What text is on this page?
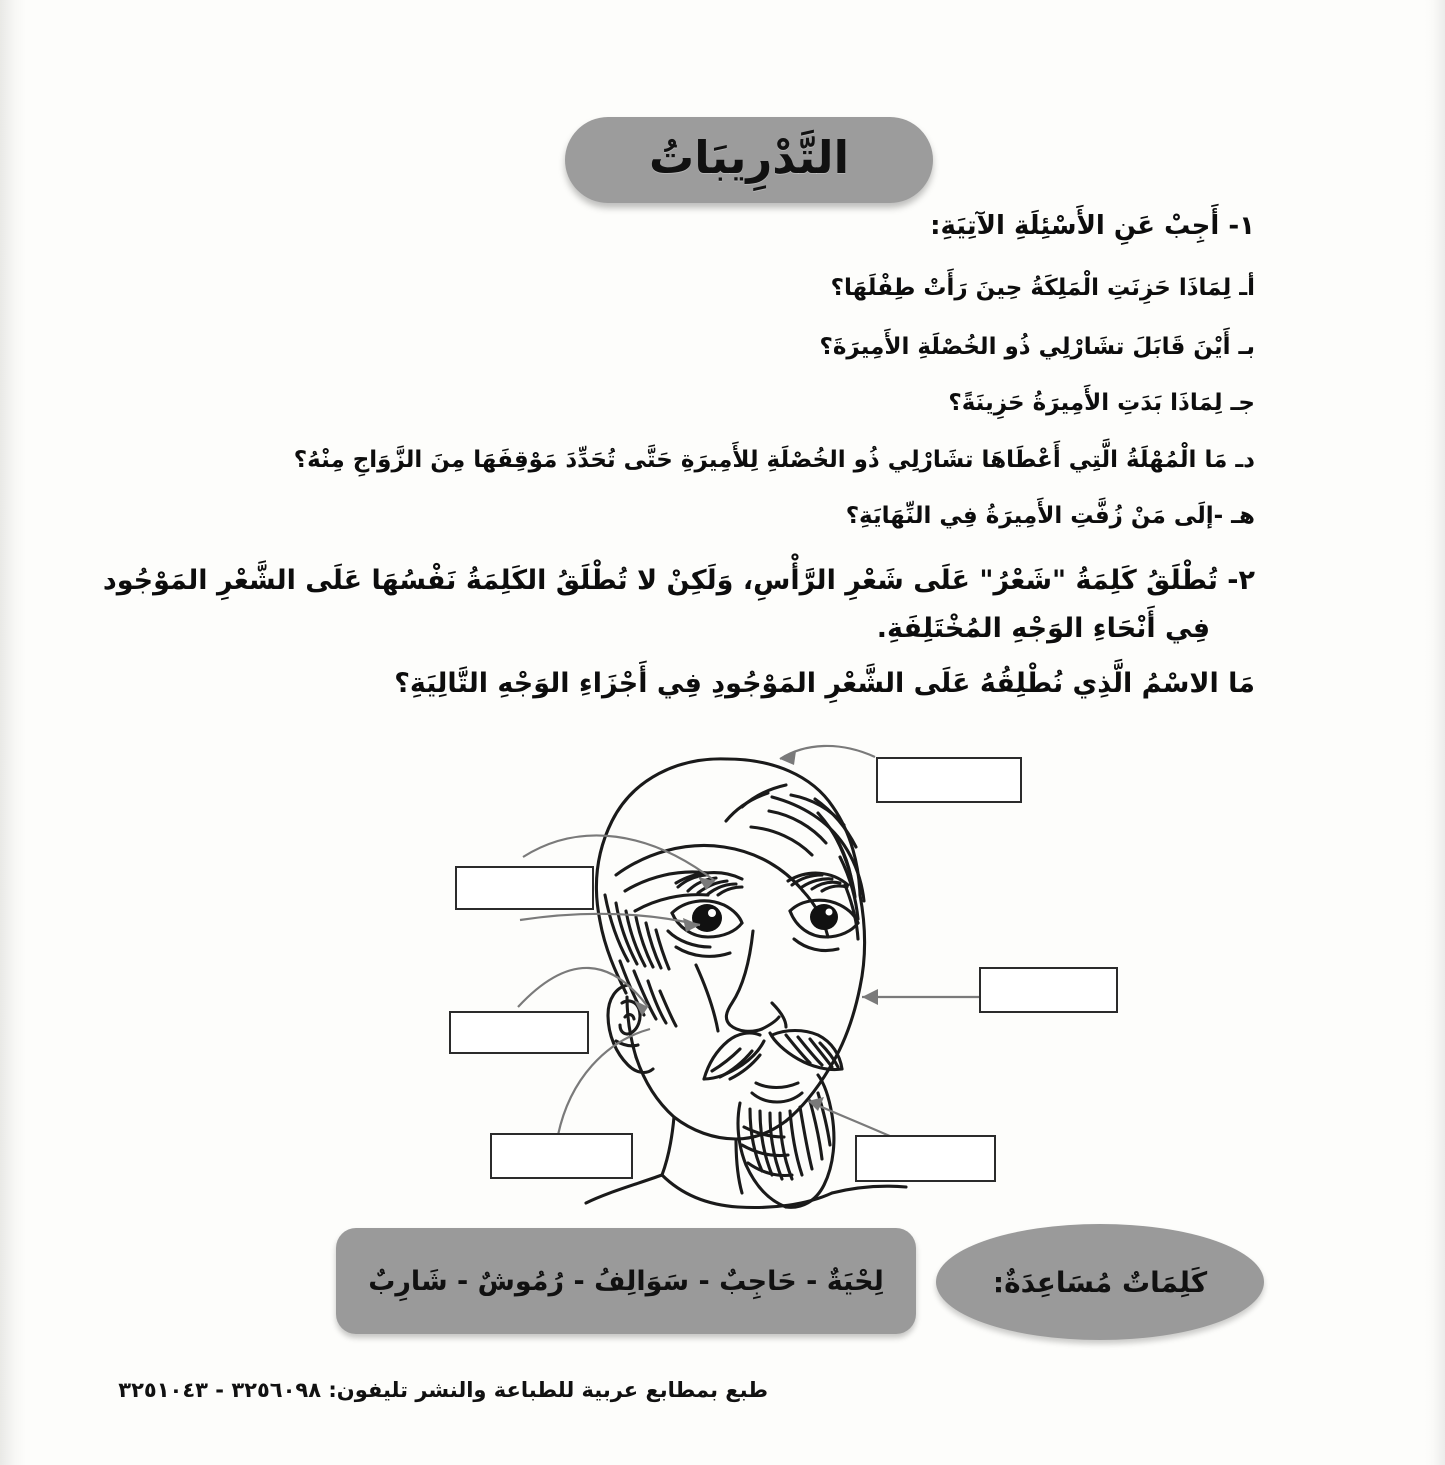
التَّدْرِيبَاتُ
١- أَجِبْ عَنِ الأَسْئِلَةِ الآتِيَةِ:
أـ لِمَاذَا حَزِنَتِ الْمَلِكَةُ حِينَ رَأَتْ طِفْلَهَا؟
بـ أَيْنَ قَابَلَ تشَارْلِي ذُو الخُصْلَةِ الأَمِيرَةَ؟
جـ لِمَاذَا بَدَتِ الأَمِيرَةُ حَزِينَةً؟
دـ مَا الْمُهْلَةُ الَّتِي أَعْطَاهَا تشَارْلِي ذُو الخُصْلَةِ لِلأَمِيرَةِ حَتَّى تُحَدِّدَ مَوْقِفَهَا مِنَ الزَّوَاجِ مِنْهُ؟
هـ -إلَى مَنْ زُفَّتِ الأَمِيرَةُ فِي النِّهَايَةِ؟
٢- تُطْلَقُ كَلِمَةُ "شَعْرُ" عَلَى شَعْرِ الرَّأْسِ، وَلَكِنْ لا تُطْلَقُ الكَلِمَةُ نَفْسُهَا عَلَى الشَّعْرِ المَوْجُود
فِي أَنْحَاءِ الوَجْهِ المُخْتَلِفَةِ.
مَا الاسْمُ الَّذِي نُطْلِقُهُ عَلَى الشَّعْرِ المَوْجُودِ فِي أَجْزَاءِ الوَجْهِ التَّالِيَةِ؟
لِحْيَةٌ - حَاجِبٌ - سَوَالِفُ - رُمُوشٌ - شَارِبٌ	كَلِمَاتٌ مُسَاعِدَةٌ:
طبع بمطابع عربية للطباعة والنشر تليفون: ٣٢٥٦٠٩٨ - ٣٢٥١٠٤٣
